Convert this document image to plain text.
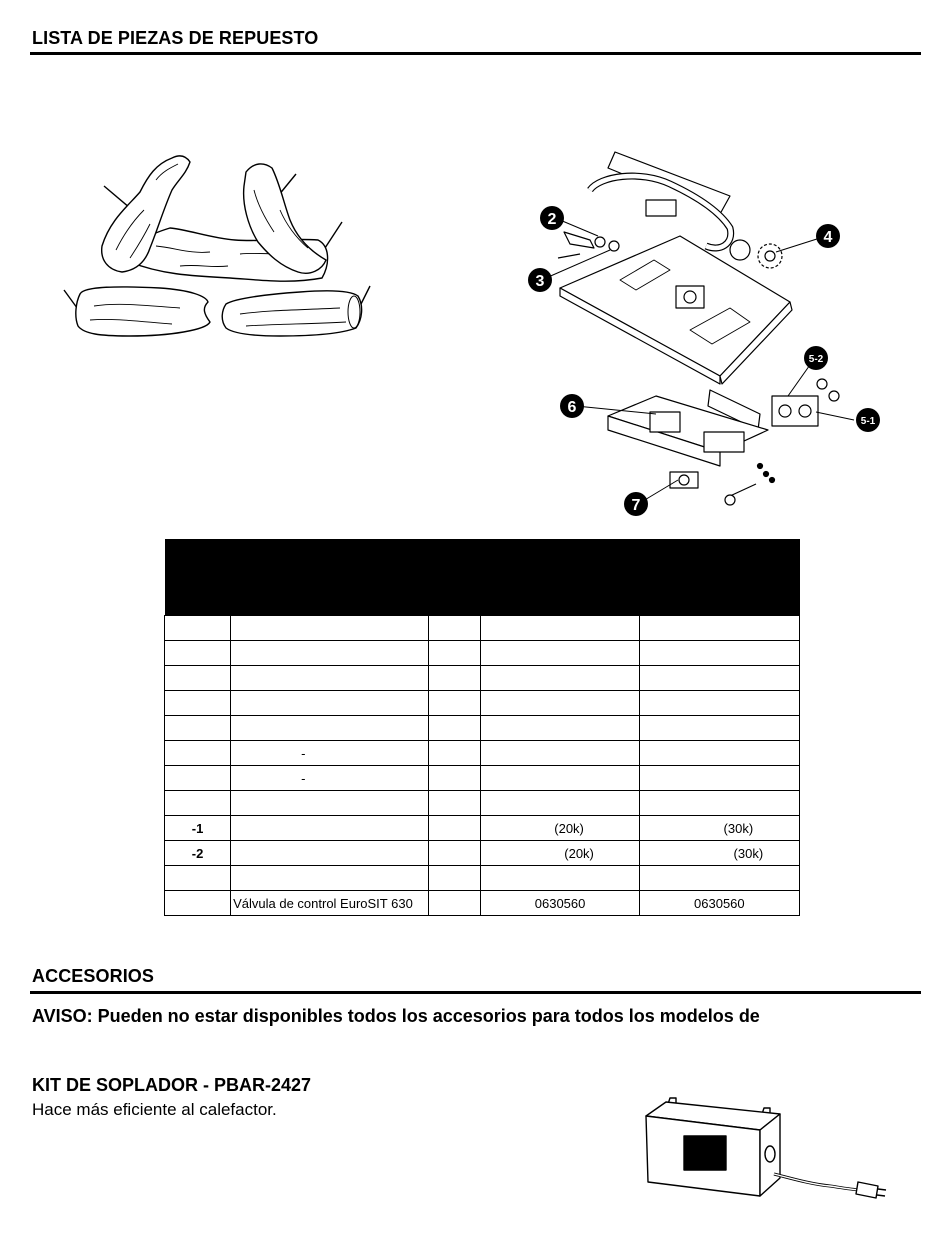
LISTA DE PIEZAS DE REPUESTO
2
3
4
5-2
5-1
6
7

	-			
	-			

-1			(20k)	(30k)
-2			(20k)	(30k)

	Válvula de control EuroSIT 630		0630560	0630560
ACCESORIOS
AVISO: Pueden no estar disponibles todos los accesorios para todos los modelos de
KIT DE SOPLADOR - PBAR-2427
Hace más eficiente al calefactor.
